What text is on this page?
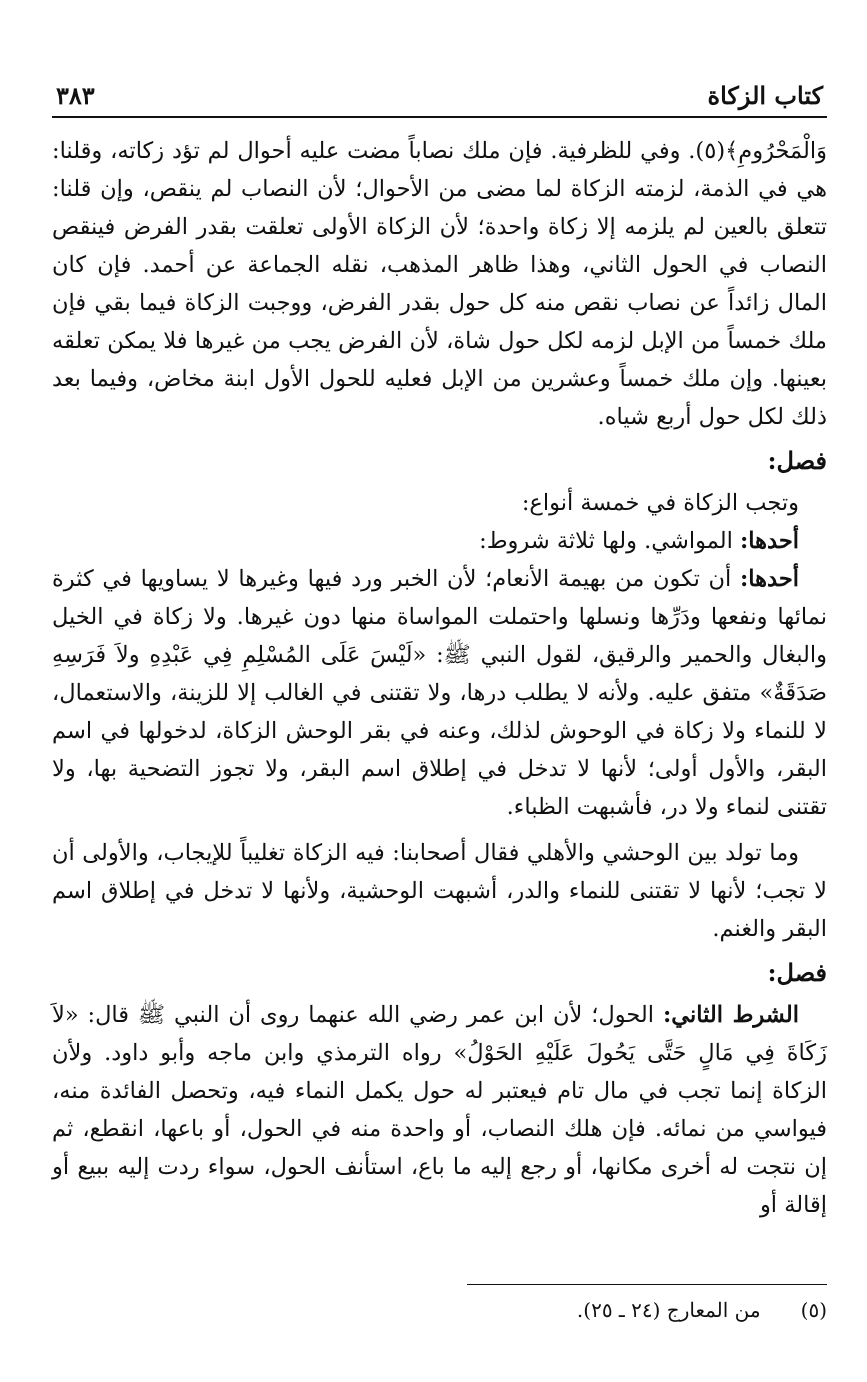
كتاب الزكاة
٣٨٣

وَالْمَحْرُومِ﴾(٥). وفي للظرفية. فإن ملك نصاباً مضت عليه أحوال لم تؤد زكاته، وقلنا: هي في الذمة، لزمته الزكاة لما مضى من الأحوال؛ لأن النصاب لم ينقص، وإن قلنا: تتعلق بالعين لم يلزمه إلا زكاة واحدة؛ لأن الزكاة الأولى تعلقت بقدر الفرض فينقص النصاب في الحول الثاني، وهذا ظاهر المذهب، نقله الجماعة عن أحمد. فإن كان المال زائداً عن نصاب نقص منه كل حول بقدر الفرض، ووجبت الزكاة فيما بقي فإن ملك خمساً من الإبل لزمه لكل حول شاة، لأن الفرض يجب من غيرها فلا يمكن تعلقه بعينها. وإن ملك خمساً وعشرين من الإبل فعليه للحول الأول ابنة مخاض، وفيما بعد ذلك لكل حول أربع شياه.

فصل:

وتجب الزكاة في خمسة أنواع:

أحدها: المواشي. ولها ثلاثة شروط:

أحدها: أن تكون من بهيمة الأنعام؛ لأن الخبر ورد فيها وغيرها لا يساويها في كثرة نمائها ونفعها ودَرِّها ونسلها واحتملت المواساة منها دون غيرها. ولا زكاة في الخيل والبغال والحمير والرقيق، لقول النبي ﷺ: «لَيْسَ عَلَى المُسْلِمِ فِي عَبْدِهِ ولاَ فَرَسِهِ صَدَقَةٌ» متفق عليه. ولأنه لا يطلب درها، ولا تقتنى في الغالب إلا للزينة، والاستعمال، لا للنماء ولا زكاة في الوحوش لذلك، وعنه في بقر الوحش الزكاة، لدخولها في اسم البقر، والأول أولى؛ لأنها لا تدخل في إطلاق اسم البقر، ولا تجوز التضحية بها، ولا تقتنى لنماء ولا در، فأشبهت الظباء.

وما تولد بين الوحشي والأهلي فقال أصحابنا: فيه الزكاة تغليباً للإيجاب، والأولى أن لا تجب؛ لأنها لا تقتنى للنماء والدر، أشبهت الوحشية، ولأنها لا تدخل في إطلاق اسم البقر والغنم.

فصل:

الشرط الثاني: الحول؛ لأن ابن عمر رضي الله عنهما روى أن النبي ﷺ قال: «لاَ زَكَاةَ فِي مَالٍ حَتَّى يَحُولَ عَلَيْهِ الحَوْلُ» رواه الترمذي وابن ماجه وأبو داود. ولأن الزكاة إنما تجب في مال تام فيعتبر له حول يكمل النماء فيه، وتحصل الفائدة منه، فيواسي من نمائه. فإن هلك النصاب، أو واحدة منه في الحول، أو باعها، انقطع، ثم إن نتجت له أخرى مكانها، أو رجع إليه ما باع، استأنف الحول، سواء ردت إليه ببيع أو إقالة أو

(٥)
من المعارج (٢٤ ـ ٢٥).
